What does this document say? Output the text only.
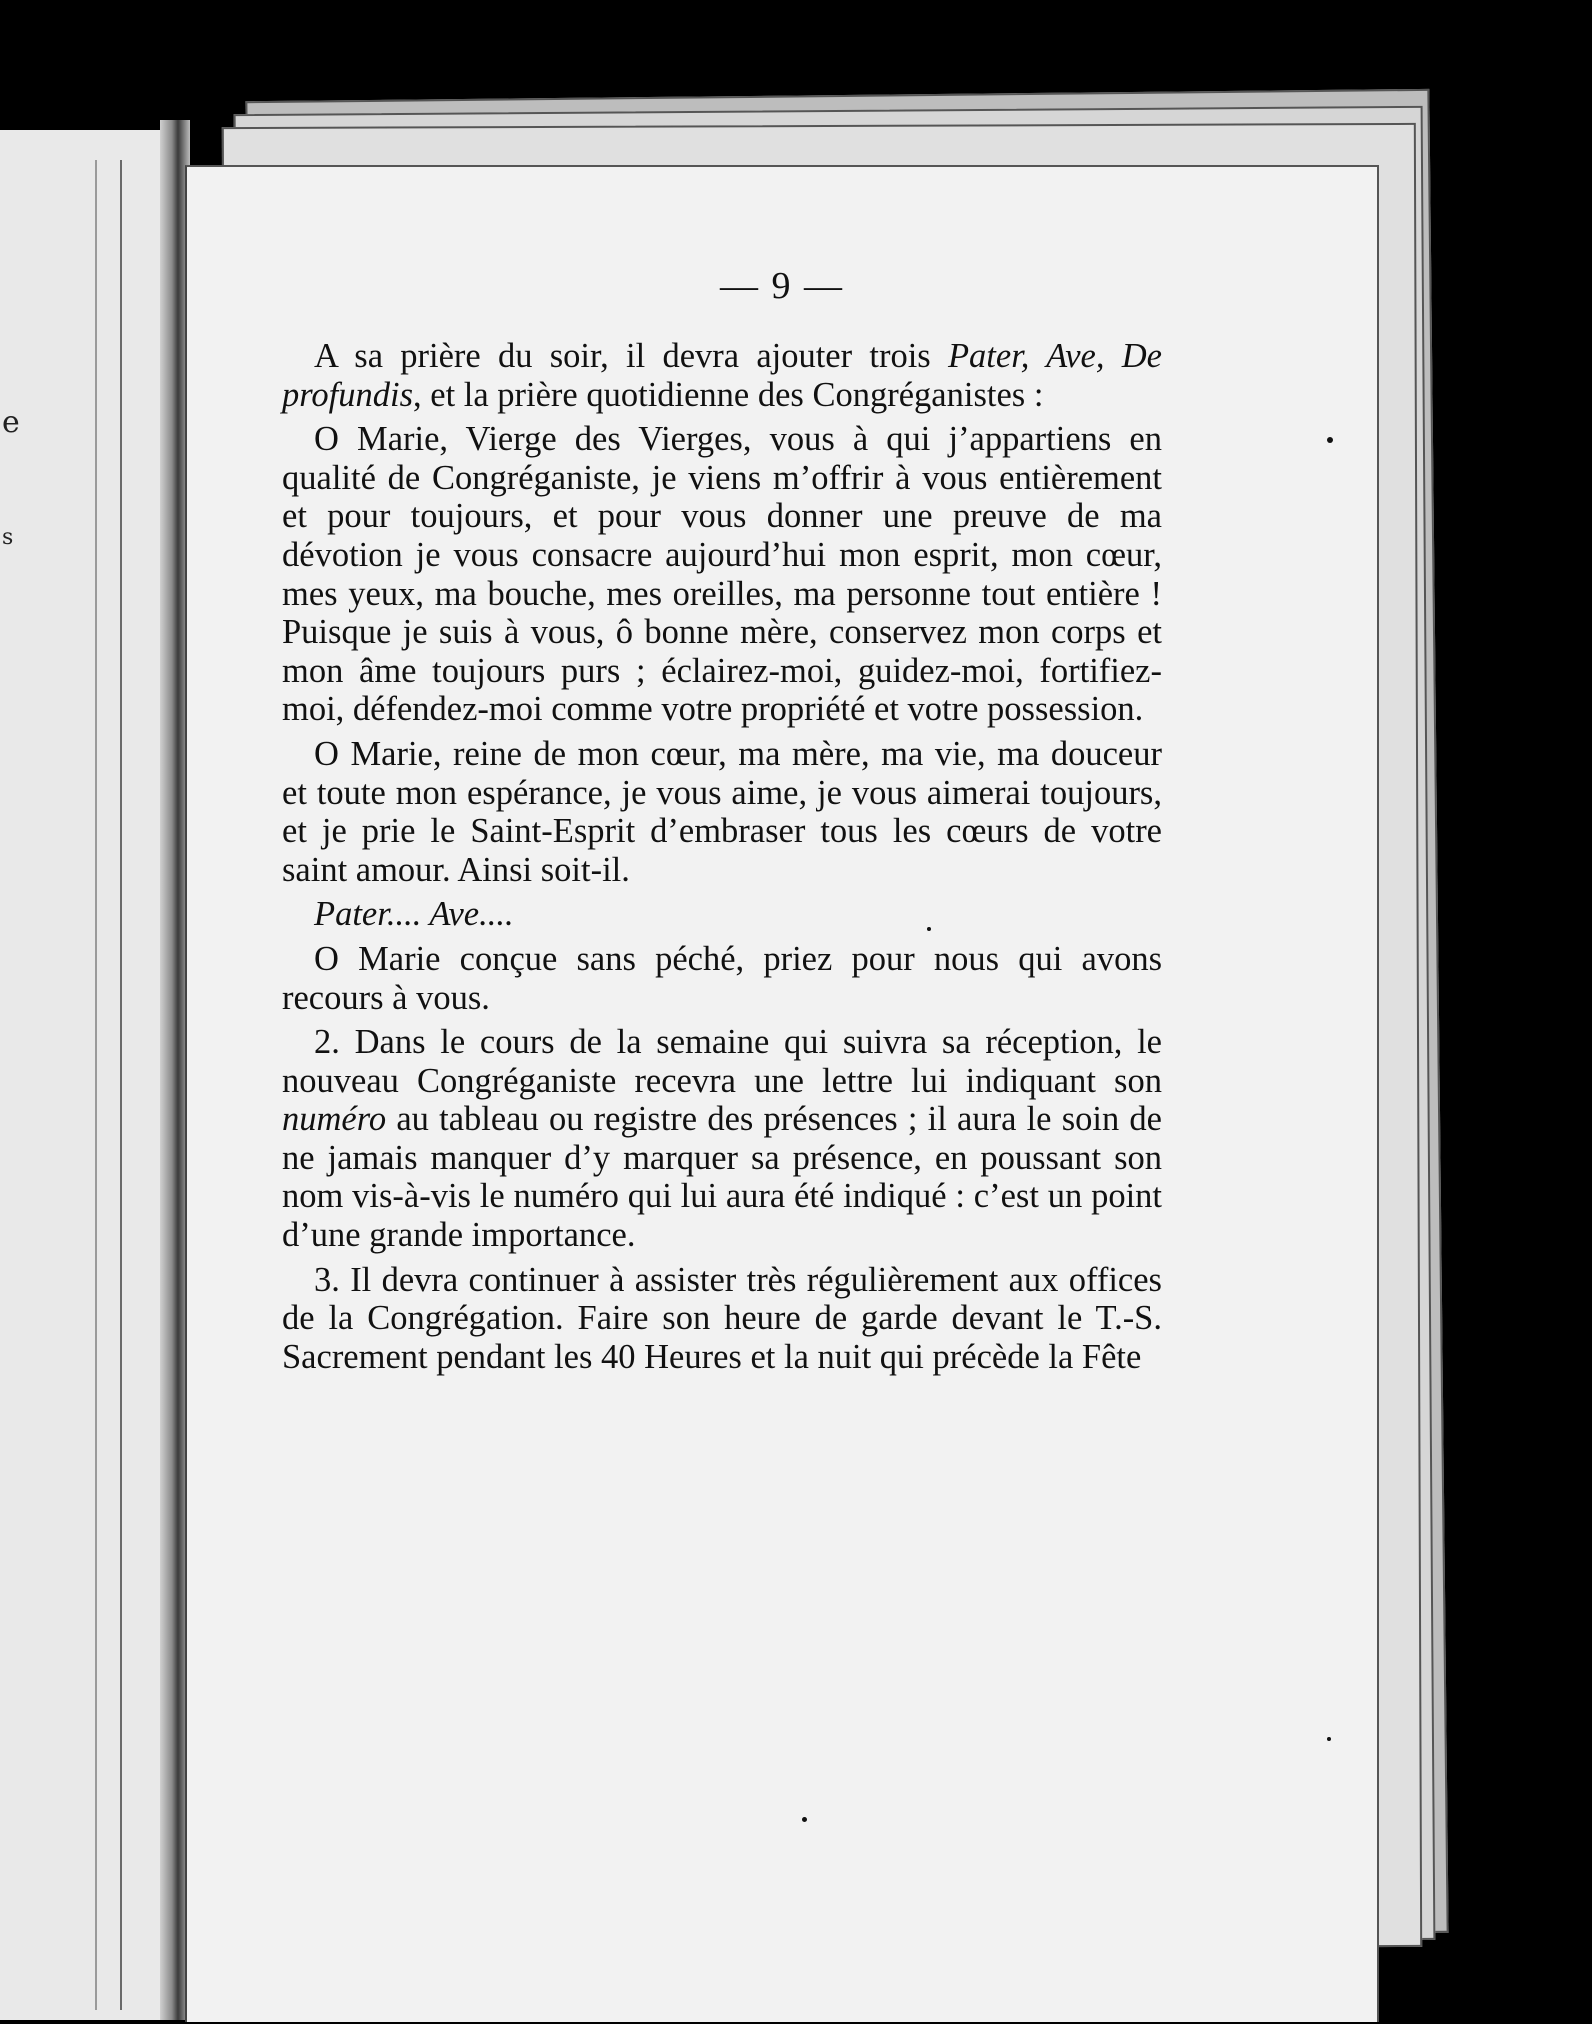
e
s
— 9 —

A sa prière du soir, il devra ajouter trois Pater, Ave, De profundis, et la prière quotidienne des Congréganistes :

O Marie, Vierge des Vierges, vous à qui j’appartiens en qualité de Congréganiste, je viens m’offrir à vous entièrement et pour toujours, et pour vous donner une preuve de ma dévotion je vous consacre aujourd’hui mon esprit, mon cœur, mes yeux, ma bouche, mes oreilles, ma personne tout entière ! Puisque je suis à vous, ô bonne mère, conservez mon corps et mon âme toujours purs ; éclairez-moi, guidez-moi, fortifiez-moi, défendez-moi comme votre propriété et votre possession.

O Marie, reine de mon cœur, ma mère, ma vie, ma douceur et toute mon espérance, je vous aime, je vous aimerai toujours, et je prie le Saint-Esprit d’embraser tous les cœurs de votre saint amour. Ainsi soit-il.

Pater.... Ave....

O Marie conçue sans péché, priez pour nous qui avons recours à vous.

2. Dans le cours de la semaine qui suivra sa réception, le nouveau Congréganiste recevra une lettre lui indiquant son numéro au tableau ou registre des présences ; il aura le soin de ne jamais manquer d’y marquer sa présence, en poussant son nom vis-à-vis le numéro qui lui aura été indiqué : c’est un point d’une grande importance.

3. Il devra continuer à assister très régulièrement aux offices de la Congrégation. Faire son heure de garde devant le T.-S. Sacrement pendant les 40 Heures et la nuit qui précède la Fête
